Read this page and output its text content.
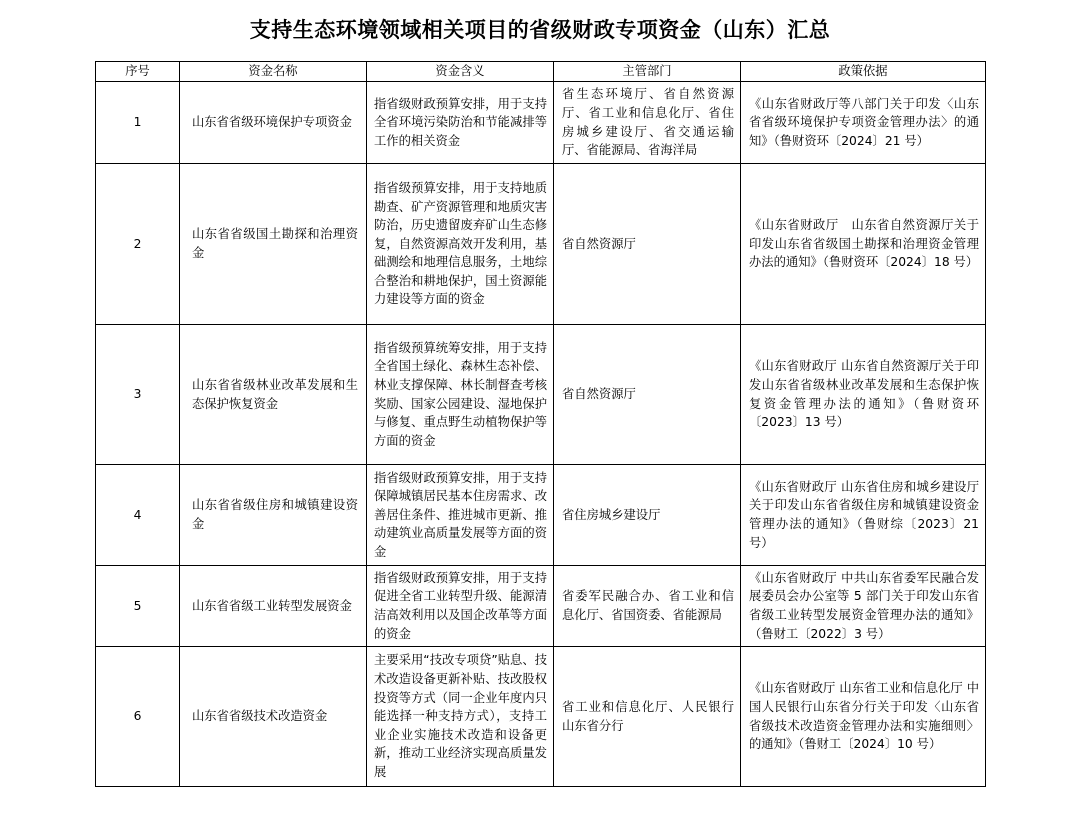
支持生态环境领域相关项目的省级财政专项资金（山东）汇总
序号	资金名称	资金含义	主管部门	政策依据
1	山东省省级环境保护专项资金	指省级财政预算安排，用于支持全省环境污染防治和节能减排等工作的相关资金	省生态环境厅、省自然资源厅、省工业和信息化厅、省住房城乡建设厅、省交通运输厅、省能源局、省海洋局	《山东省财政厅等八部门关于印发〈山东省省级环境保护专项资金管理办法〉的通知》（鲁财资环〔2024〕21 号）
2	山东省省级国土勘探和治理资金	指省级预算安排，用于支持地质勘查、矿产资源管理和地质灾害防治，历史遗留废弃矿山生态修复，自然资源高效开发利用，基础测绘和地理信息服务，土地综合整治和耕地保护，国土资源能力建设等方面的资金	省自然资源厅	《山东省财政厅　山东省自然资源厅关于印发山东省省级国土勘探和治理资金管理办法的通知》（鲁财资环〔2024〕18 号）
3	山东省省级林业改革发展和生态保护恢复资金	指省级预算统筹安排，用于支持全省国土绿化、森林生态补偿、林业支撑保障、林长制督查考核奖励、国家公园建设、湿地保护与修复、重点野生动植物保护等方面的资金	省自然资源厅	《山东省财政厅 山东省自然资源厅关于印发山东省省级林业改革发展和生态保护恢复资金管理办法的通知》（鲁财资环〔2023〕13 号）
4	山东省省级住房和城镇建设资金	指省级财政预算安排，用于支持保障城镇居民基本住房需求、改善居住条件、推进城市更新、推动建筑业高质量发展等方面的资金	省住房城乡建设厅	《山东省财政厅 山东省住房和城乡建设厅关于印发山东省省级住房和城镇建设资金管理办法的通知》（鲁财综〔2023〕21 号）
5	山东省省级工业转型发展资金	指省级财政预算安排，用于支持促进全省工业转型升级、能源清洁高效利用以及国企改革等方面的资金	省委军民融合办、省工业和信息化厅、省国资委、省能源局	《山东省财政厅 中共山东省委军民融合发展委员会办公室等 5 部门关于印发山东省省级工业转型发展资金管理办法的通知》（鲁财工〔2022〕3 号）
6	山东省省级技术改造资金	主要采用“技改专项贷”贴息、技术改造设备更新补贴、技改股权投资等方式（同一企业年度内只能选择一种支持方式），支持工业企业实施技术改造和设备更新，推动工业经济实现高质量发展	省工业和信息化厅、人民银行山东省分行	《山东省财政厅 山东省工业和信息化厅 中国人民银行山东省分行关于印发〈山东省省级技术改造资金管理办法和实施细则〉的通知》（鲁财工〔2024〕10 号）
